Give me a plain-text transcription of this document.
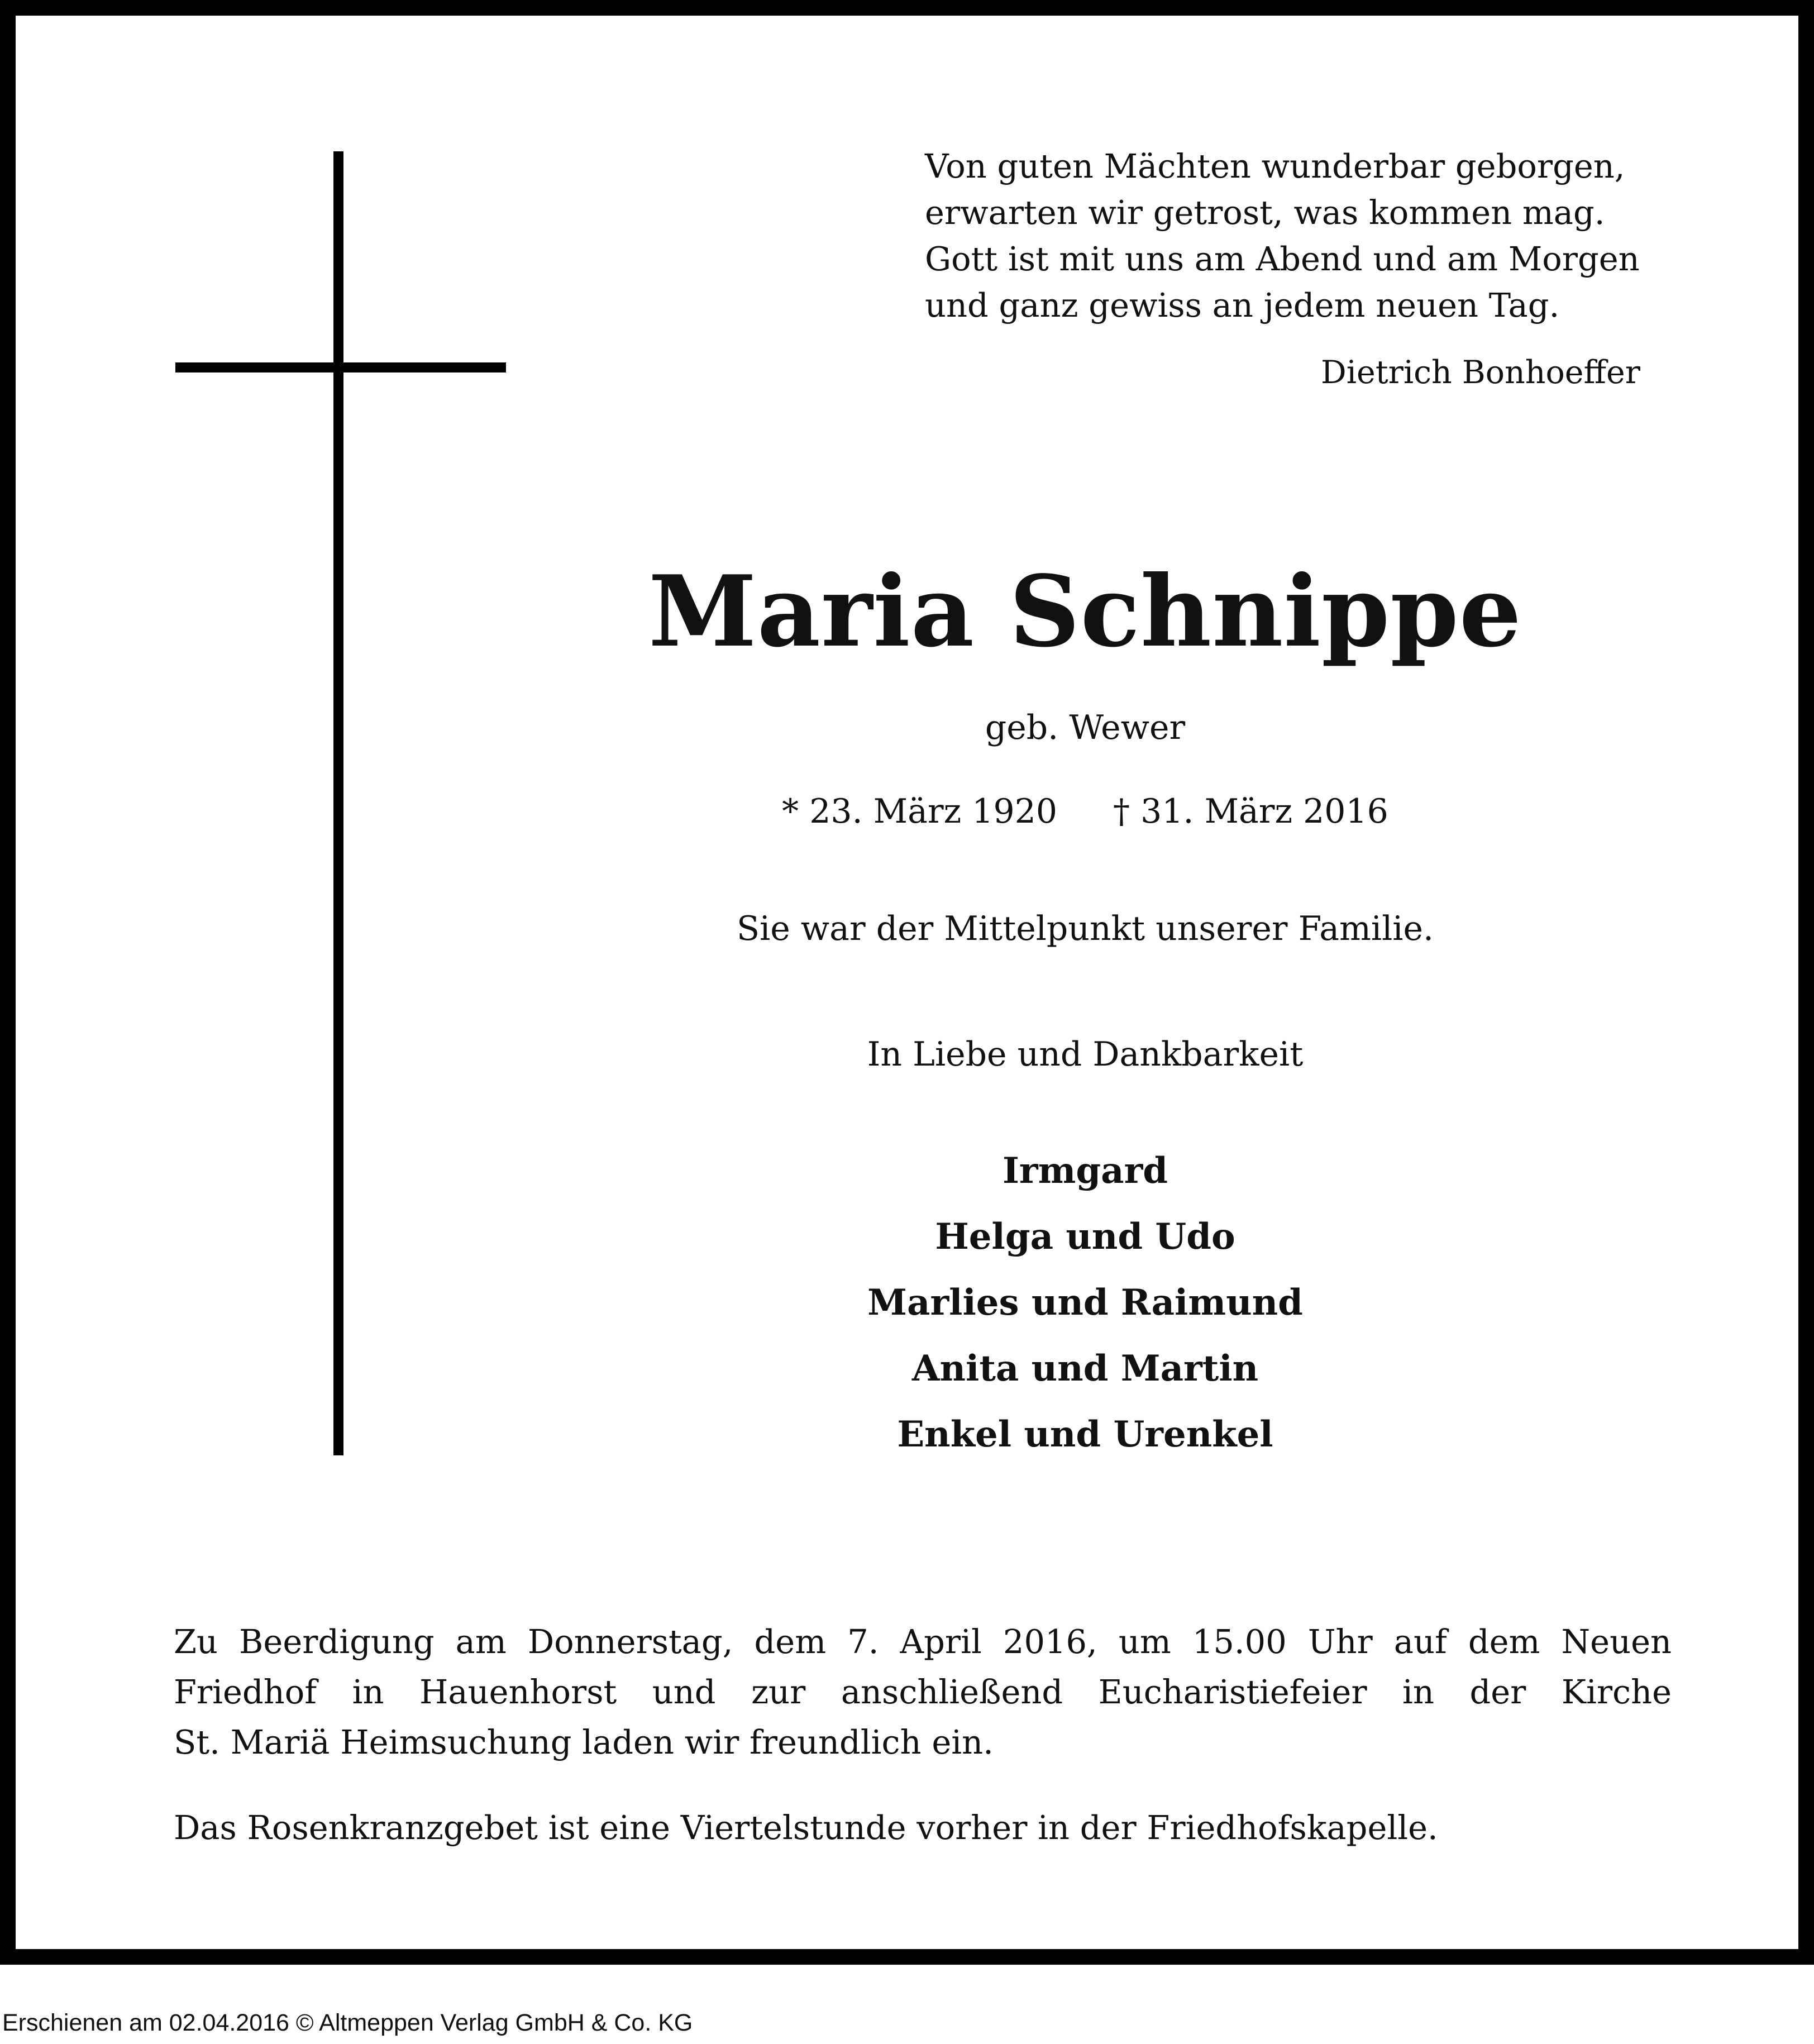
Von guten Mächten wunderbar geborgen,
erwarten wir getrost, was kommen mag.
Gott ist mit uns am Abend und am Morgen
und ganz gewiss an jedem neuen Tag.
Dietrich Bonhoeffer
Maria Schnippe
geb. Wewer
* 23. März 1920 † 31. März 2016
Sie war der Mittelpunkt unserer Familie.
In Liebe und Dankbarkeit
Irmgard
Helga und Udo
Marlies und Raimund
Anita und Martin
Enkel und Urenkel
Zu Beerdigung am Donnerstag, dem 7. April 2016, um 15.00 Uhr auf dem Neuen
Friedhof in Hauenhorst und zur anschließend Eucharistiefeier in der Kirche
St. Mariä Heimsuchung laden wir freundlich ein.
Das Rosenkranzgebet ist eine Viertelstunde vorher in der Friedhofskapelle.
Erschienen am 02.04.2016 © Altmeppen Verlag GmbH & Co. KG
